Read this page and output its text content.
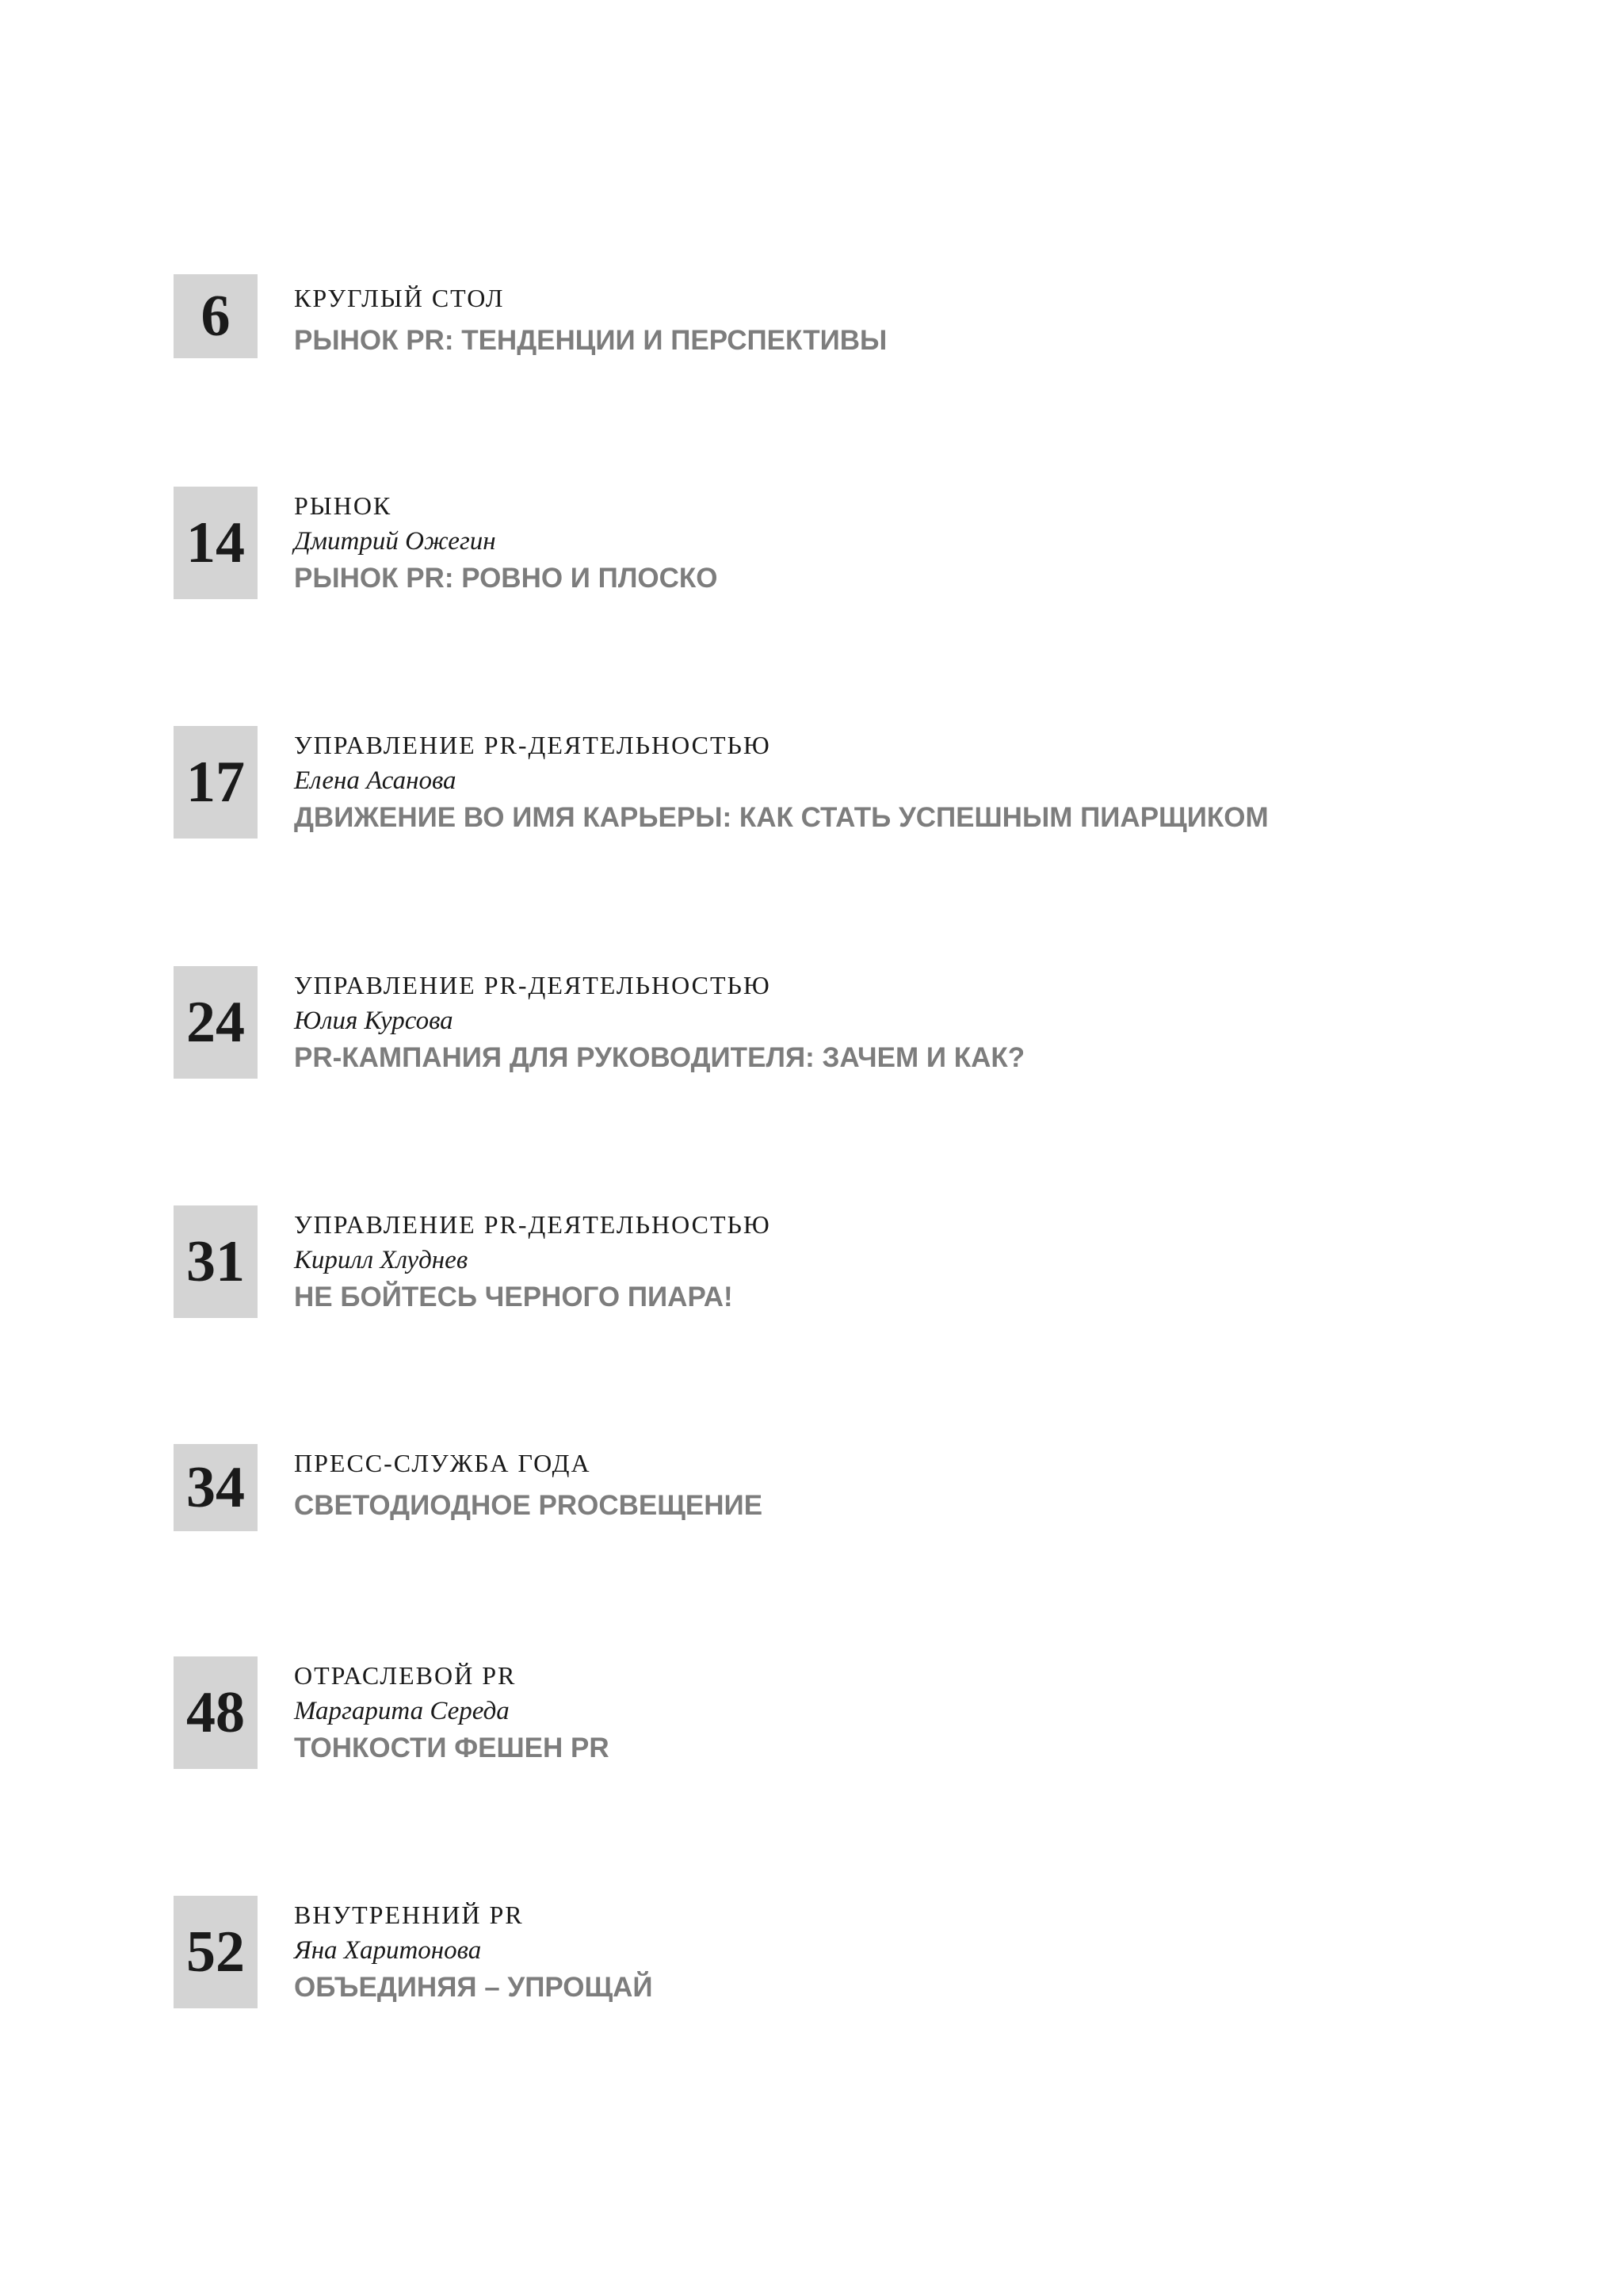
6	КРУГЛЫЙ СТОЛ
РЫНОК PR: ТЕНДЕНЦИИ И ПЕРСПЕКТИВЫ
14
РЫНОК
Дмитрий Ожегин
РЫНОК PR: РОВНО И ПЛОСКО
17
УПРАВЛЕНИЕ PR-ДЕЯТЕЛЬНОСТЬЮ
Елена Асанова
ДВИЖЕНИЕ ВО ИМЯ КАРЬЕРЫ: КАК СТАТЬ УСПЕШНЫМ ПИАРЩИКОМ
24
УПРАВЛЕНИЕ PR-ДЕЯТЕЛЬНОСТЬЮ
Юлия Курсова
PR-КАМПАНИЯ ДЛЯ РУКОВОДИТЕЛЯ: ЗАЧЕМ И КАК?
31
УПРАВЛЕНИЕ PR-ДЕЯТЕЛЬНОСТЬЮ
Кирилл Хлуднев
НЕ БОЙТЕСЬ ЧЕРНОГО ПИАРА!
34 ПРЕСС-СЛУЖБА ГОДА
СВЕТОДИОДНОЕ PROСВЕЩЕНИЕ
48
ОТРАСЛЕВОЙ PR
Маргарита Середа
ТОНКОСТИ ФЕШЕН PR
52
ВНУТРЕННИЙ PR
Яна Харитонова
ОБЪЕДИНЯЯ – УПРОЩАЙ
